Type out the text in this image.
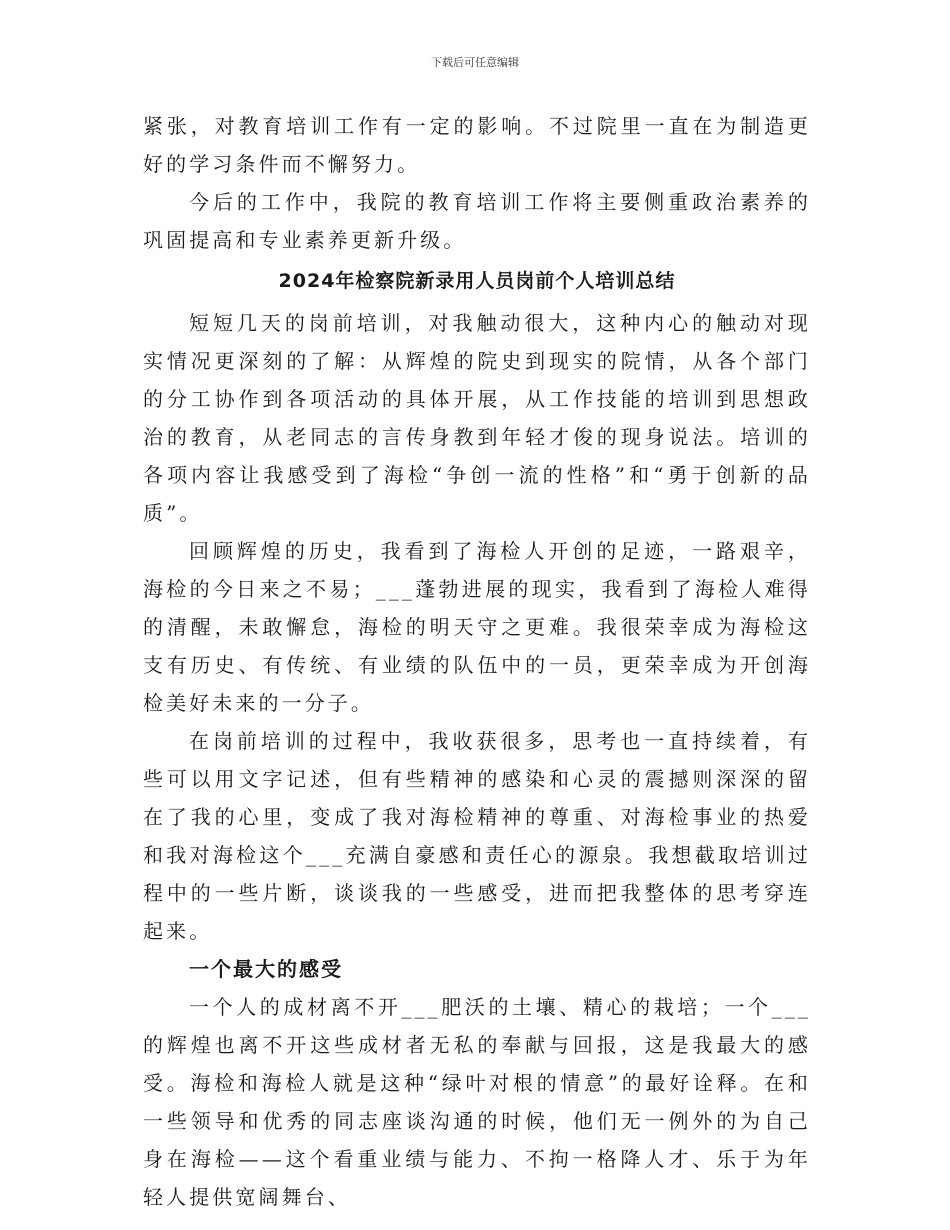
下载后可任意编辑

紧张，对教育培训工作有一定的影响。不过院里一直在为制造更好的学习条件而不懈努力。

今后的工作中，我院的教育培训工作将主要侧重政治素养的巩固提高和专业素养更新升级。

2024年检察院新录用人员岗前个人培训总结

短短几天的岗前培训，对我触动很大，这种内心的触动对现实情况更深刻的了解：从辉煌的院史到现实的院情，从各个部门的分工协作到各项活动的具体开展，从工作技能的培训到思想政治的教育，从老同志的言传身教到年轻才俊的现身说法。培训的各项内容让我感受到了海检“争创一流的性格”和“勇于创新的品质”。

回顾辉煌的历史，我看到了海检人开创的足迹，一路艰辛，海检的今日来之不易；___蓬勃进展的现实，我看到了海检人难得的清醒，未敢懈怠，海检的明天守之更难。我很荣幸成为海检这支有历史、有传统、有业绩的队伍中的一员，更荣幸成为开创海检美好未来的一分子。

在岗前培训的过程中，我收获很多，思考也一直持续着，有些可以用文字记述，但有些精神的感染和心灵的震撼则深深的留在了我的心里，变成了我对海检精神的尊重、对海检事业的热爱和我对海检这个___充满自豪感和责任心的源泉。我想截取培训过程中的一些片断，谈谈我的一些感受，进而把我整体的思考穿连起来。

一个最大的感受

一个人的成材离不开___肥沃的土壤、精心的栽培；一个___的辉煌也离不开这些成材者无私的奉献与回报，这是我最大的感受。海检和海检人就是这种“绿叶对根的情意”的最好诠释。在和一些领导和优秀的同志座谈沟通的时候，他们无一例外的为自己身在海检——这个看重业绩与能力、不拘一格降人才、乐于为年轻人提供宽阔舞台、
